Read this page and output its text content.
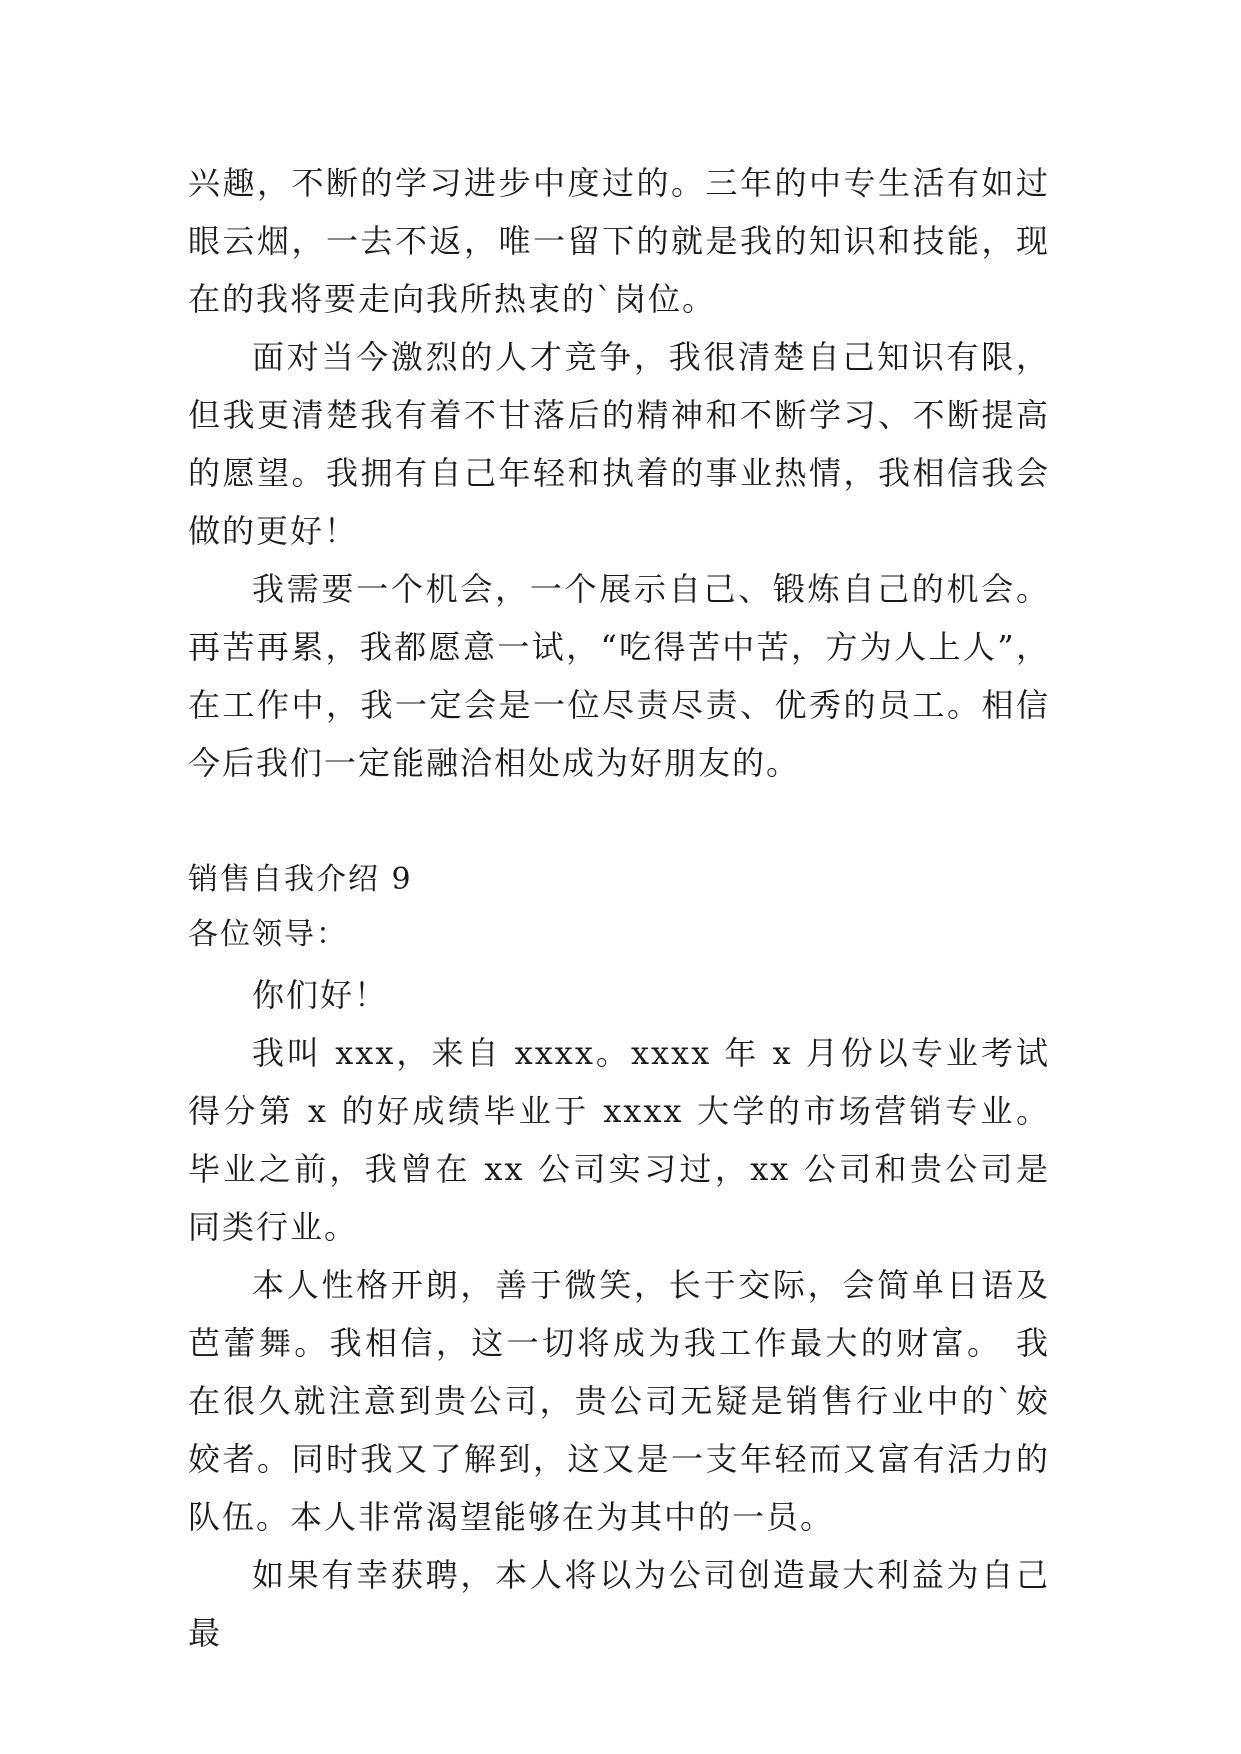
兴趣，不断的学习进步中度过的。三年的中专生活有如过眼云烟，一去不返，唯一留下的就是我的知识和技能，现在的我将要走向我所热衷的`岗位。

面对当今激烈的人才竞争，我很清楚自己知识有限，但我更清楚我有着不甘落后的精神和不断学习、不断提高的愿望。我拥有自己年轻和执着的事业热情，我相信我会做的更好！

我需要一个机会，一个展示自己、锻炼自己的机会。再苦再累，我都愿意一试，“吃得苦中苦，方为人上人”，在工作中，我一定会是一位尽责尽责、优秀的员工。相信今后我们一定能融洽相处成为好朋友的。

销售自我介绍 9

各位领导：

你们好！

我叫 xxx，来自 xxxx。xxxx 年 x 月份以专业考试得分第 x 的好成绩毕业于 xxxx 大学的市场营销专业。毕业之前，我曾在 xx 公司实习过，xx 公司和贵公司是同类行业。

本人性格开朗，善于微笑，长于交际，会简单日语及芭蕾舞。我相信，这一切将成为我工作最大的财富。 我在很久就注意到贵公司，贵公司无疑是销售行业中的`姣姣者。同时我又了解到，这又是一支年轻而又富有活力的队伍。本人非常渴望能够在为其中的一员。

如果有幸获聘，本人将以为公司创造最大利益为自己最
